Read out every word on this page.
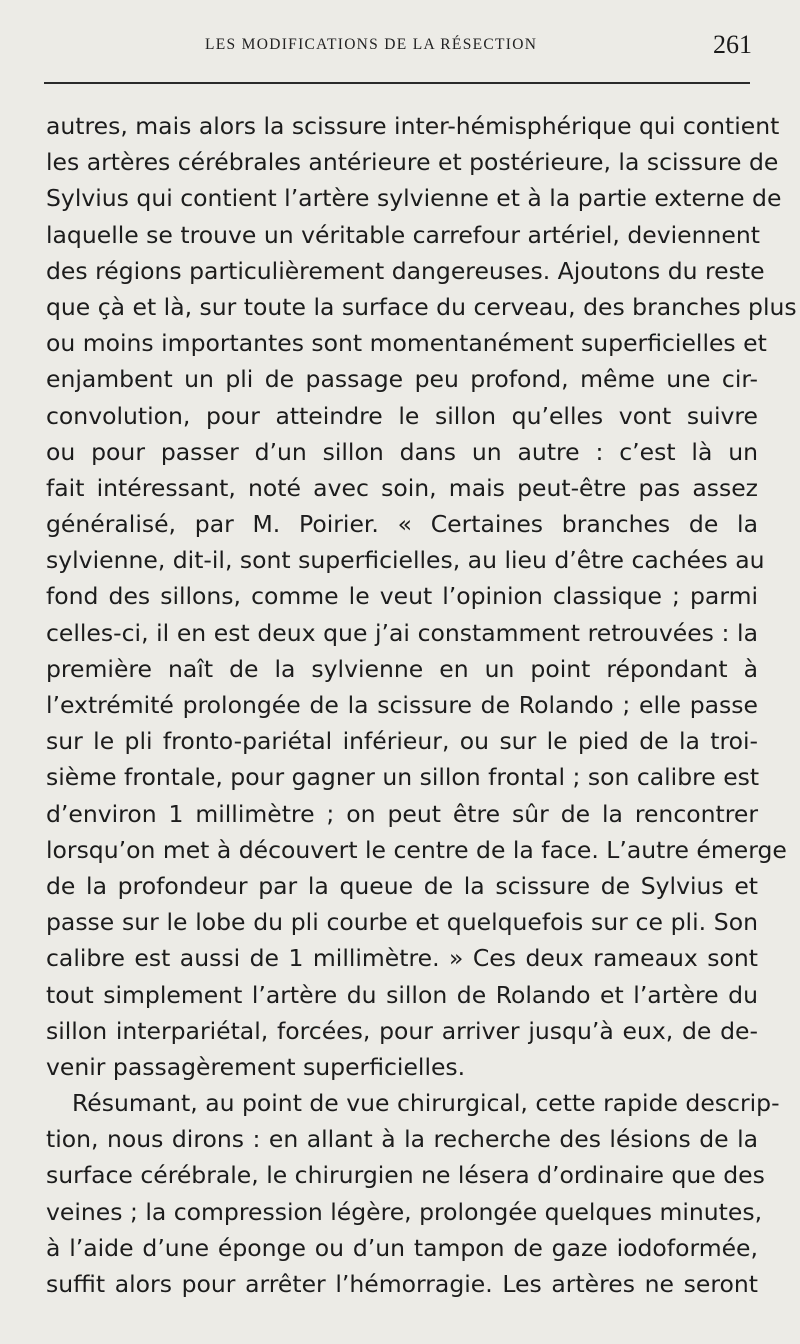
LES MODIFICATIONS DE LA RÉSECTION	261
autres, mais alors la scissure inter-hémisphérique qui contient
les artères cérébrales antérieure et postérieure, la scissure de
Sylvius qui contient l’artère sylvienne et à la partie externe de
laquelle se trouve un véritable carrefour artériel, deviennent
des régions particulièrement dangereuses. Ajoutons du reste
que çà et là, sur toute la surface du cerveau, des branches plus
ou moins importantes sont momentanément superficielles et
enjambent un pli de passage peu profond, même une cir-
convolution, pour atteindre le sillon qu’elles vont suivre
ou pour passer d’un sillon dans un autre : c’est là un
fait intéressant, noté avec soin, mais peut-être pas assez
généralisé, par M. Poirier. « Certaines branches de la
sylvienne, dit-il, sont superficielles, au lieu d’être cachées au
fond des sillons, comme le veut l’opinion classique ; parmi
celles-ci, il en est deux que j’ai constamment retrouvées : la
première naît de la sylvienne en un point répondant à
l’extrémité prolongée de la scissure de Rolando ; elle passe
sur le pli fronto-pariétal inférieur, ou sur le pied de la troi-
sième frontale, pour gagner un sillon frontal ; son calibre est
d’environ 1 millimètre ; on peut être sûr de la rencontrer
lorsqu’on met à découvert le centre de la face. L’autre émerge
de la profondeur par la queue de la scissure de Sylvius et
passe sur le lobe du pli courbe et quelquefois sur ce pli. Son
calibre est aussi de 1 millimètre. » Ces deux rameaux sont
tout simplement l’artère du sillon de Rolando et l’artère du
sillon interpariétal, forcées, pour arriver jusqu’à eux, de de-
venir passagèrement superficielles.
Résumant, au point de vue chirurgical, cette rapide descrip-
tion, nous dirons : en allant à la recherche des lésions de la
surface cérébrale, le chirurgien ne lésera d’ordinaire que des
veines ; la compression légère, prolongée quelques minutes,
à l’aide d’une éponge ou d’un tampon de gaze iodoformée,
suffit alors pour arrêter l’hémorragie. Les artères ne seront
